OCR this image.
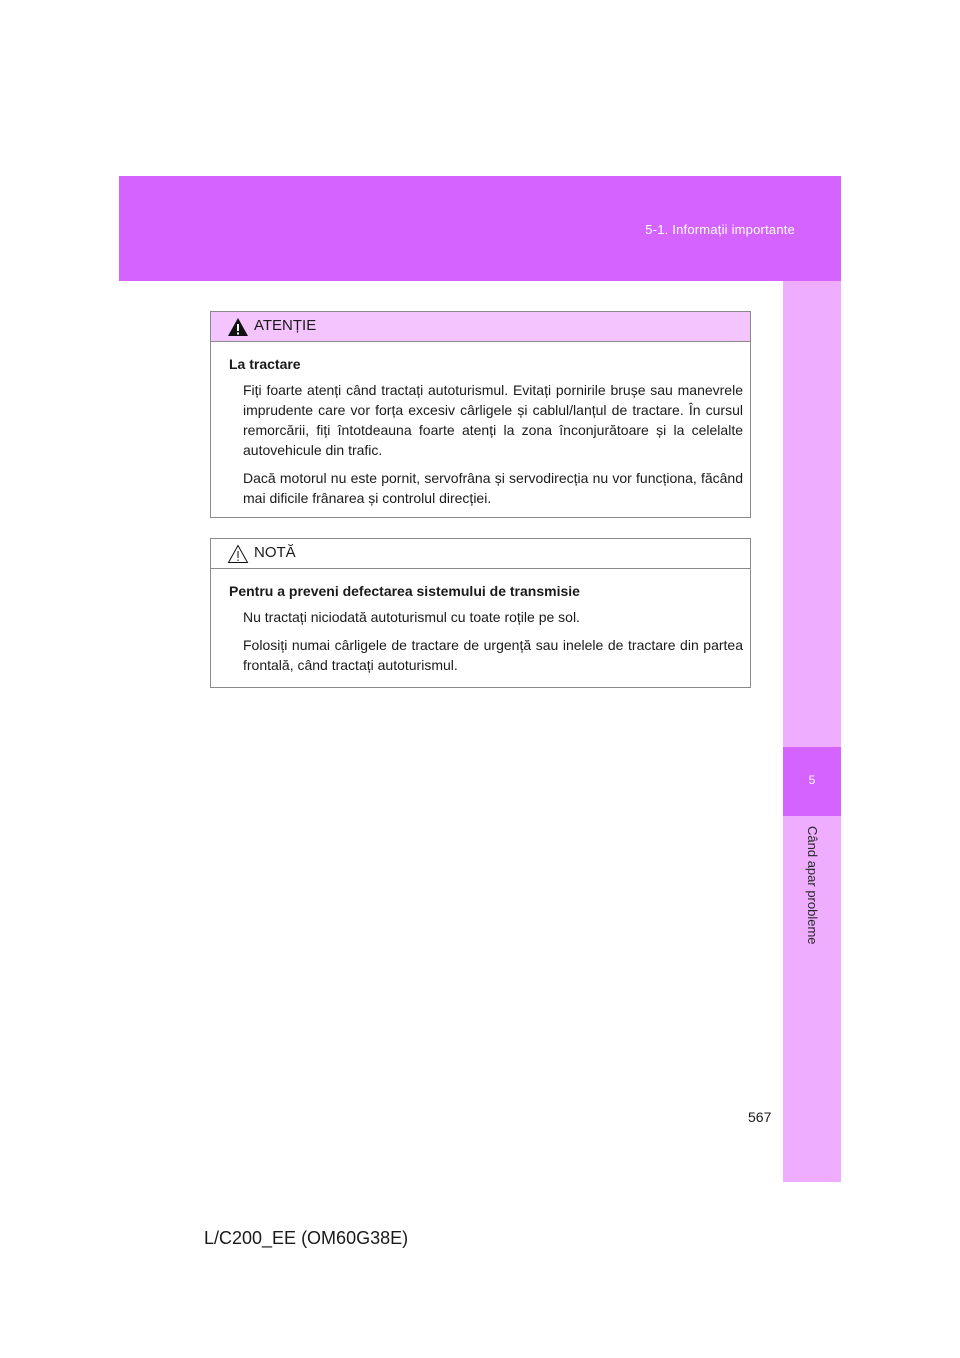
5-1. Informații importante
5
Când apar probleme
ATENȚIE
La tractare

Fiți foarte atenți când tractați autoturismul. Evitați pornirile brușe sau manevrele imprudente care vor forța excesiv cârligele și cablul/lanțul de tractare. În cursul remorcării, fiți întotdeauna foarte atenți la zona înconjurătoare și la celelalte autovehicule din trafic.

Dacă motorul nu este pornit, servofrâna și servodirecția nu vor funcționa, făcând mai dificile frânarea și controlul direcției.

NOTĂ
Pentru a preveni defectarea sistemului de transmisie

Nu tractați niciodată autoturismul cu toate roțile pe sol.

Folosiți numai cârligele de tractare de urgență sau inelele de tractare din partea frontală, când tractați autoturismul.

567
L/C200_EE (OM60G38E)
